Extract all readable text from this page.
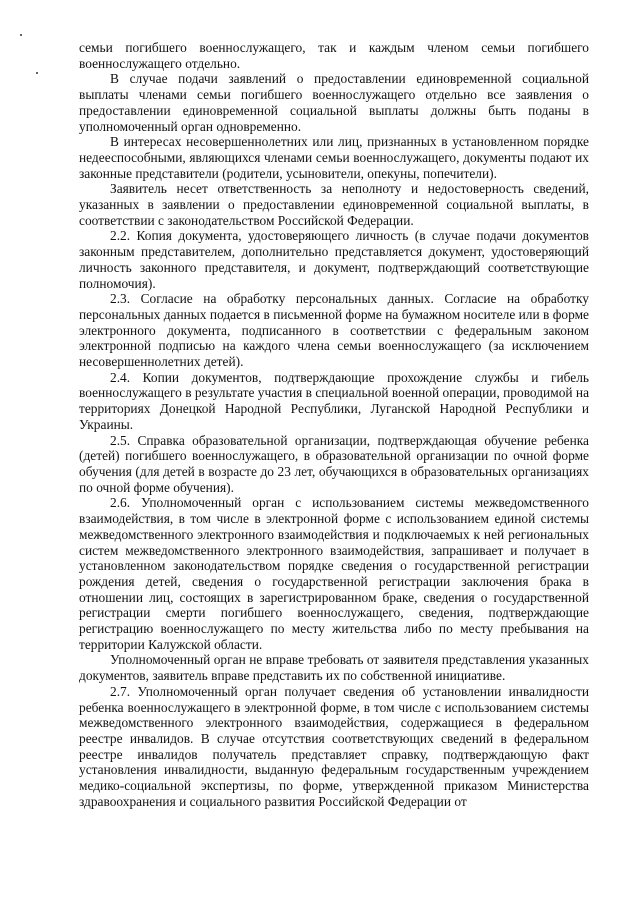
семьи погибшего военнослужащего, так и каждым членом семьи погибшего военнослужащего отдельно.

В случае подачи заявлений о предоставлении единовременной социальной выплаты членами семьи погибшего военнослужащего отдельно все заявления о предоставлении единовременной социальной выплаты должны быть поданы в уполномоченный орган одновременно.

В интересах несовершеннолетних или лиц, признанных в установленном порядке недееспособными, являющихся членами семьи военнослужащего, документы подают их законные представители (родители, усыновители, опекуны, попечители).

Заявитель несет ответственность за неполноту и недостоверность сведений, указанных в заявлении о предоставлении единовременной социальной выплаты, в соответствии с законодательством Российской Федерации.

2.2. Копия документа, удостоверяющего личность (в случае подачи документов законным представителем, дополнительно представляется документ, удостоверяющий личность законного представителя, и документ, подтверждающий соответствующие полномочия).

2.3. Согласие на обработку персональных данных. Согласие на обработку персональных данных подается в письменной форме на бумажном носителе или в форме электронного документа, подписанного в соответствии с федеральным законом электронной подписью на каждого члена семьи военнослужащего (за исключением несовершеннолетних детей).

2.4. Копии документов, подтверждающие прохождение службы и гибель военнослужащего в результате участия в специальной военной операции, проводимой на территориях Донецкой Народной Республики, Луганской Народной Республики и Украины.

2.5. Справка образовательной организации, подтверждающая обучение ребенка (детей) погибшего военнослужащего, в образовательной организации по очной форме обучения (для детей в возрасте до 23 лет, обучающихся в образовательных организациях по очной форме обучения).

2.6. Уполномоченный орган с использованием системы межведомственного взаимодействия, в том числе в электронной форме с использованием единой системы межведомственного электронного взаимодействия и подключаемых к ней региональных систем межведомственного электронного взаимодействия, запрашивает и получает в установленном законодательством порядке сведения о государственной регистрации рождения детей, сведения о государственной регистрации заключения брака в отношении лиц, состоящих в зарегистрированном браке, сведения о государственной регистрации смерти погибшего военнослужащего, сведения, подтверждающие регистрацию военнослужащего по месту жительства либо по месту пребывания на территории Калужской области.

Уполномоченный орган не вправе требовать от заявителя представления указанных документов, заявитель вправе представить их по собственной инициативе.

2.7. Уполномоченный орган получает сведения об установлении инвалидности ребенка военнослужащего в электронной форме, в том числе с использованием системы межведомственного электронного взаимодействия, содержащиеся в федеральном реестре инвалидов. В случае отсутствия соответствующих сведений в федеральном реестре инвалидов получатель представляет справку, подтверждающую факт установления инвалидности, выданную федеральным государственным учреждением медико-социальной экспертизы, по форме, утвержденной приказом Министерства здравоохранения и социального развития Российской Федерации от
